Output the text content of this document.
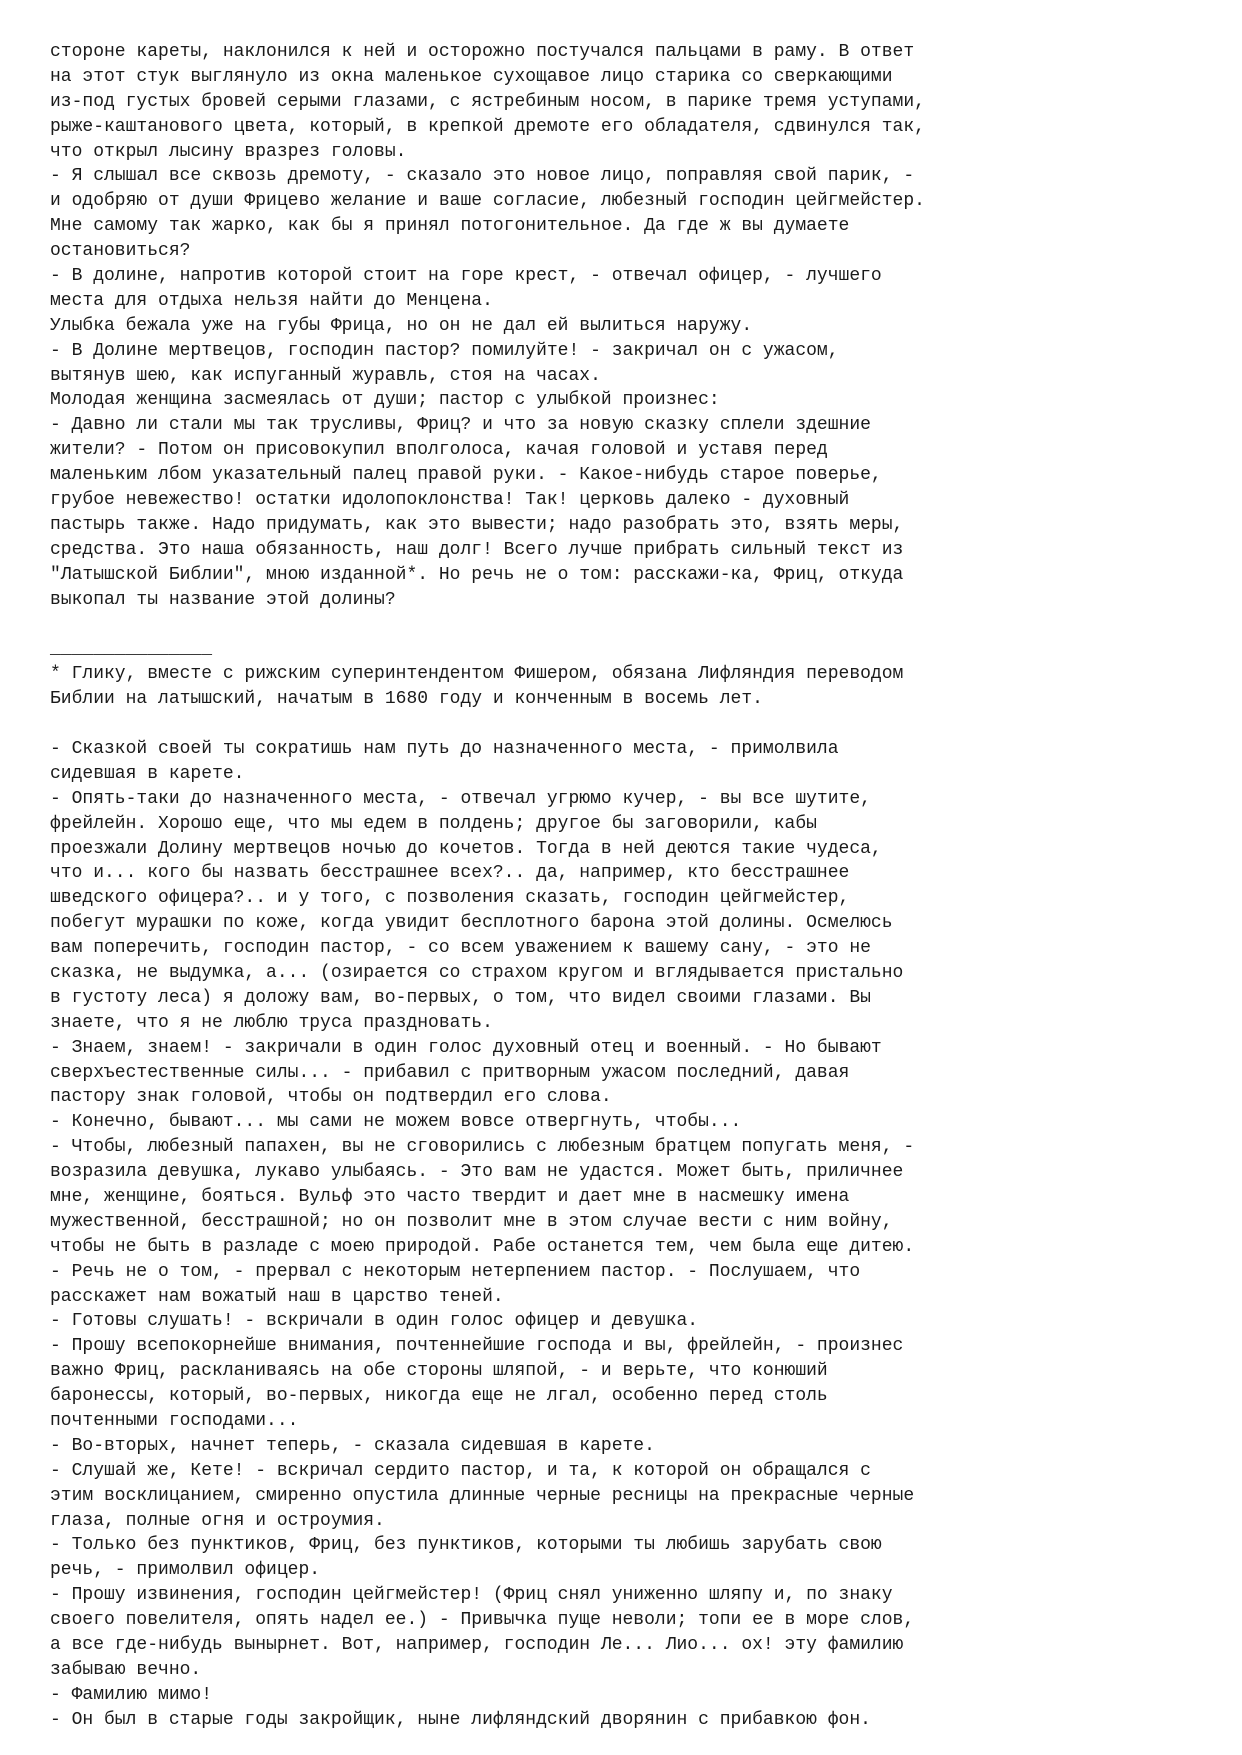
стороне кареты, наклонился к ней и осторожно постучался пальцами в раму. В ответ
на этот стук выглянуло из окна маленькое сухощавое лицо старика со сверкающими
из-под густых бровей серыми глазами, с ястребиным носом, в парике тремя уступами,
рыже-каштанового цвета, который, в крепкой дремоте его обладателя, сдвинулся так,
что открыл лысину вразрез головы.
- Я слышал все сквозь дремоту, - сказало это новое лицо, поправляя свой парик, -
и одобряю от души Фрицево желание и ваше согласие, любезный господин цейгмейстер.
Мне самому так жарко, как бы я принял потогонительное. Да где ж вы думаете
остановиться?
- В долине, напротив которой стоит на горе крест, - отвечал офицер, - лучшего
места для отдыха нельзя найти до Менцена.
Улыбка бежала уже на губы Фрица, но он не дал ей вылиться наружу.
- В Долине мертвецов, господин пастор? помилуйте! - закричал он с ужасом,
вытянув шею, как испуганный журавль, стоя на часах.
Молодая женщина засмеялась от души; пастор с улыбкой произнес:
- Давно ли стали мы так трусливы, Фриц? и что за новую сказку сплели здешние
жители? - Потом он присовокупил вполголоса, качая головой и уставя перед
маленьким лбом указательный палец правой руки. - Какое-нибудь старое поверье,
грубое невежество! остатки идолопоклонства! Так! церковь далеко - духовный
пастырь также. Надо придумать, как это вывести; надо разобрать это, взять меры,
средства. Это наша обязанность, наш долг! Всего лучше прибрать сильный текст из
"Латышской Библии", мною изданной*. Но речь не о том: расскажи-ка, Фриц, откуда
выкопал ты название этой долины?
_______________
* Глику, вместе с рижским суперинтендентом Фишером, обязана Лифляндия переводом
Библии на латышский, начатым в 1680 году и конченным в восемь лет.
- Сказкой своей ты сократишь нам путь до назначенного места, - примолвила
сидевшая в карете.
- Опять-таки до назначенного места, - отвечал угрюмо кучер, - вы все шутите,
фрейлейн. Хорошо еще, что мы едем в полдень; другое бы заговорили, кабы
проезжали Долину мертвецов ночью до кочетов. Тогда в ней деются такие чудеса,
что и... кого бы назвать бесстрашнее всех?.. да, например, кто бесстрашнее
шведского офицера?.. и у того, с позволения сказать, господин цейгмейстер,
побегут мурашки по коже, когда увидит бесплотного барона этой долины. Осмелюсь
вам поперечить, господин пастор, - со всем уважением к вашему сану, - это не
сказка, не выдумка, а... (озирается со страхом кругом и вглядывается пристально
в густоту леса) я доложу вам, во-первых, о том, что видел своими глазами. Вы
знаете, что я не люблю труса праздновать.
- Знаем, знаем! - закричали в один голос духовный отец и военный. - Но бывают
сверхъестественные силы... - прибавил с притворным ужасом последний, давая
пастору знак головой, чтобы он подтвердил его слова.
- Конечно, бывают... мы сами не можем вовсе отвергнуть, чтобы...
- Чтобы, любезный папахен, вы не сговорились с любезным братцем попугать меня, -
возразила девушка, лукаво улыбаясь. - Это вам не удастся. Может быть, приличнее
мне, женщине, бояться. Вульф это часто твердит и дает мне в насмешку имена
мужественной, бесстрашной; но он позволит мне в этом случае вести с ним войну,
чтобы не быть в разладе с моею природой. Рабе останется тем, чем была еще дитею.
- Речь не о том, - прервал с некоторым нетерпением пастор. - Послушаем, что
расскажет нам вожатый наш в царство теней.
- Готовы слушать! - вскричали в один голос офицер и девушка.
- Прошу всепокорнейше внимания, почтеннейшие господа и вы, фрейлейн, - произнес
важно Фриц, раскланиваясь на обе стороны шляпой, - и верьте, что конюший
баронессы, который, во-первых, никогда еще не лгал, особенно перед столь
почтенными господами...
- Во-вторых, начнет теперь, - сказала сидевшая в карете.
- Слушай же, Кете! - вскричал сердито пастор, и та, к которой он обращался с
этим восклицанием, смиренно опустила длинные черные ресницы на прекрасные черные
глаза, полные огня и остроумия.
- Только без пунктиков, Фриц, без пунктиков, которыми ты любишь зарубать свою
речь, - примолвил офицер.
- Прошу извинения, господин цейгмейстер! (Фриц снял униженно шляпу и, по знаку
своего повелителя, опять надел ее.) - Привычка пуще неволи; топи ее в море слов,
а все где-нибудь вынырнет. Вот, например, господин Ле... Лио... ох! эту фамилию
забываю вечно.
- Фамилию мимо!
- Он был в старые годы закройщик, ныне лифляндский дворянин с прибавкою фон.
